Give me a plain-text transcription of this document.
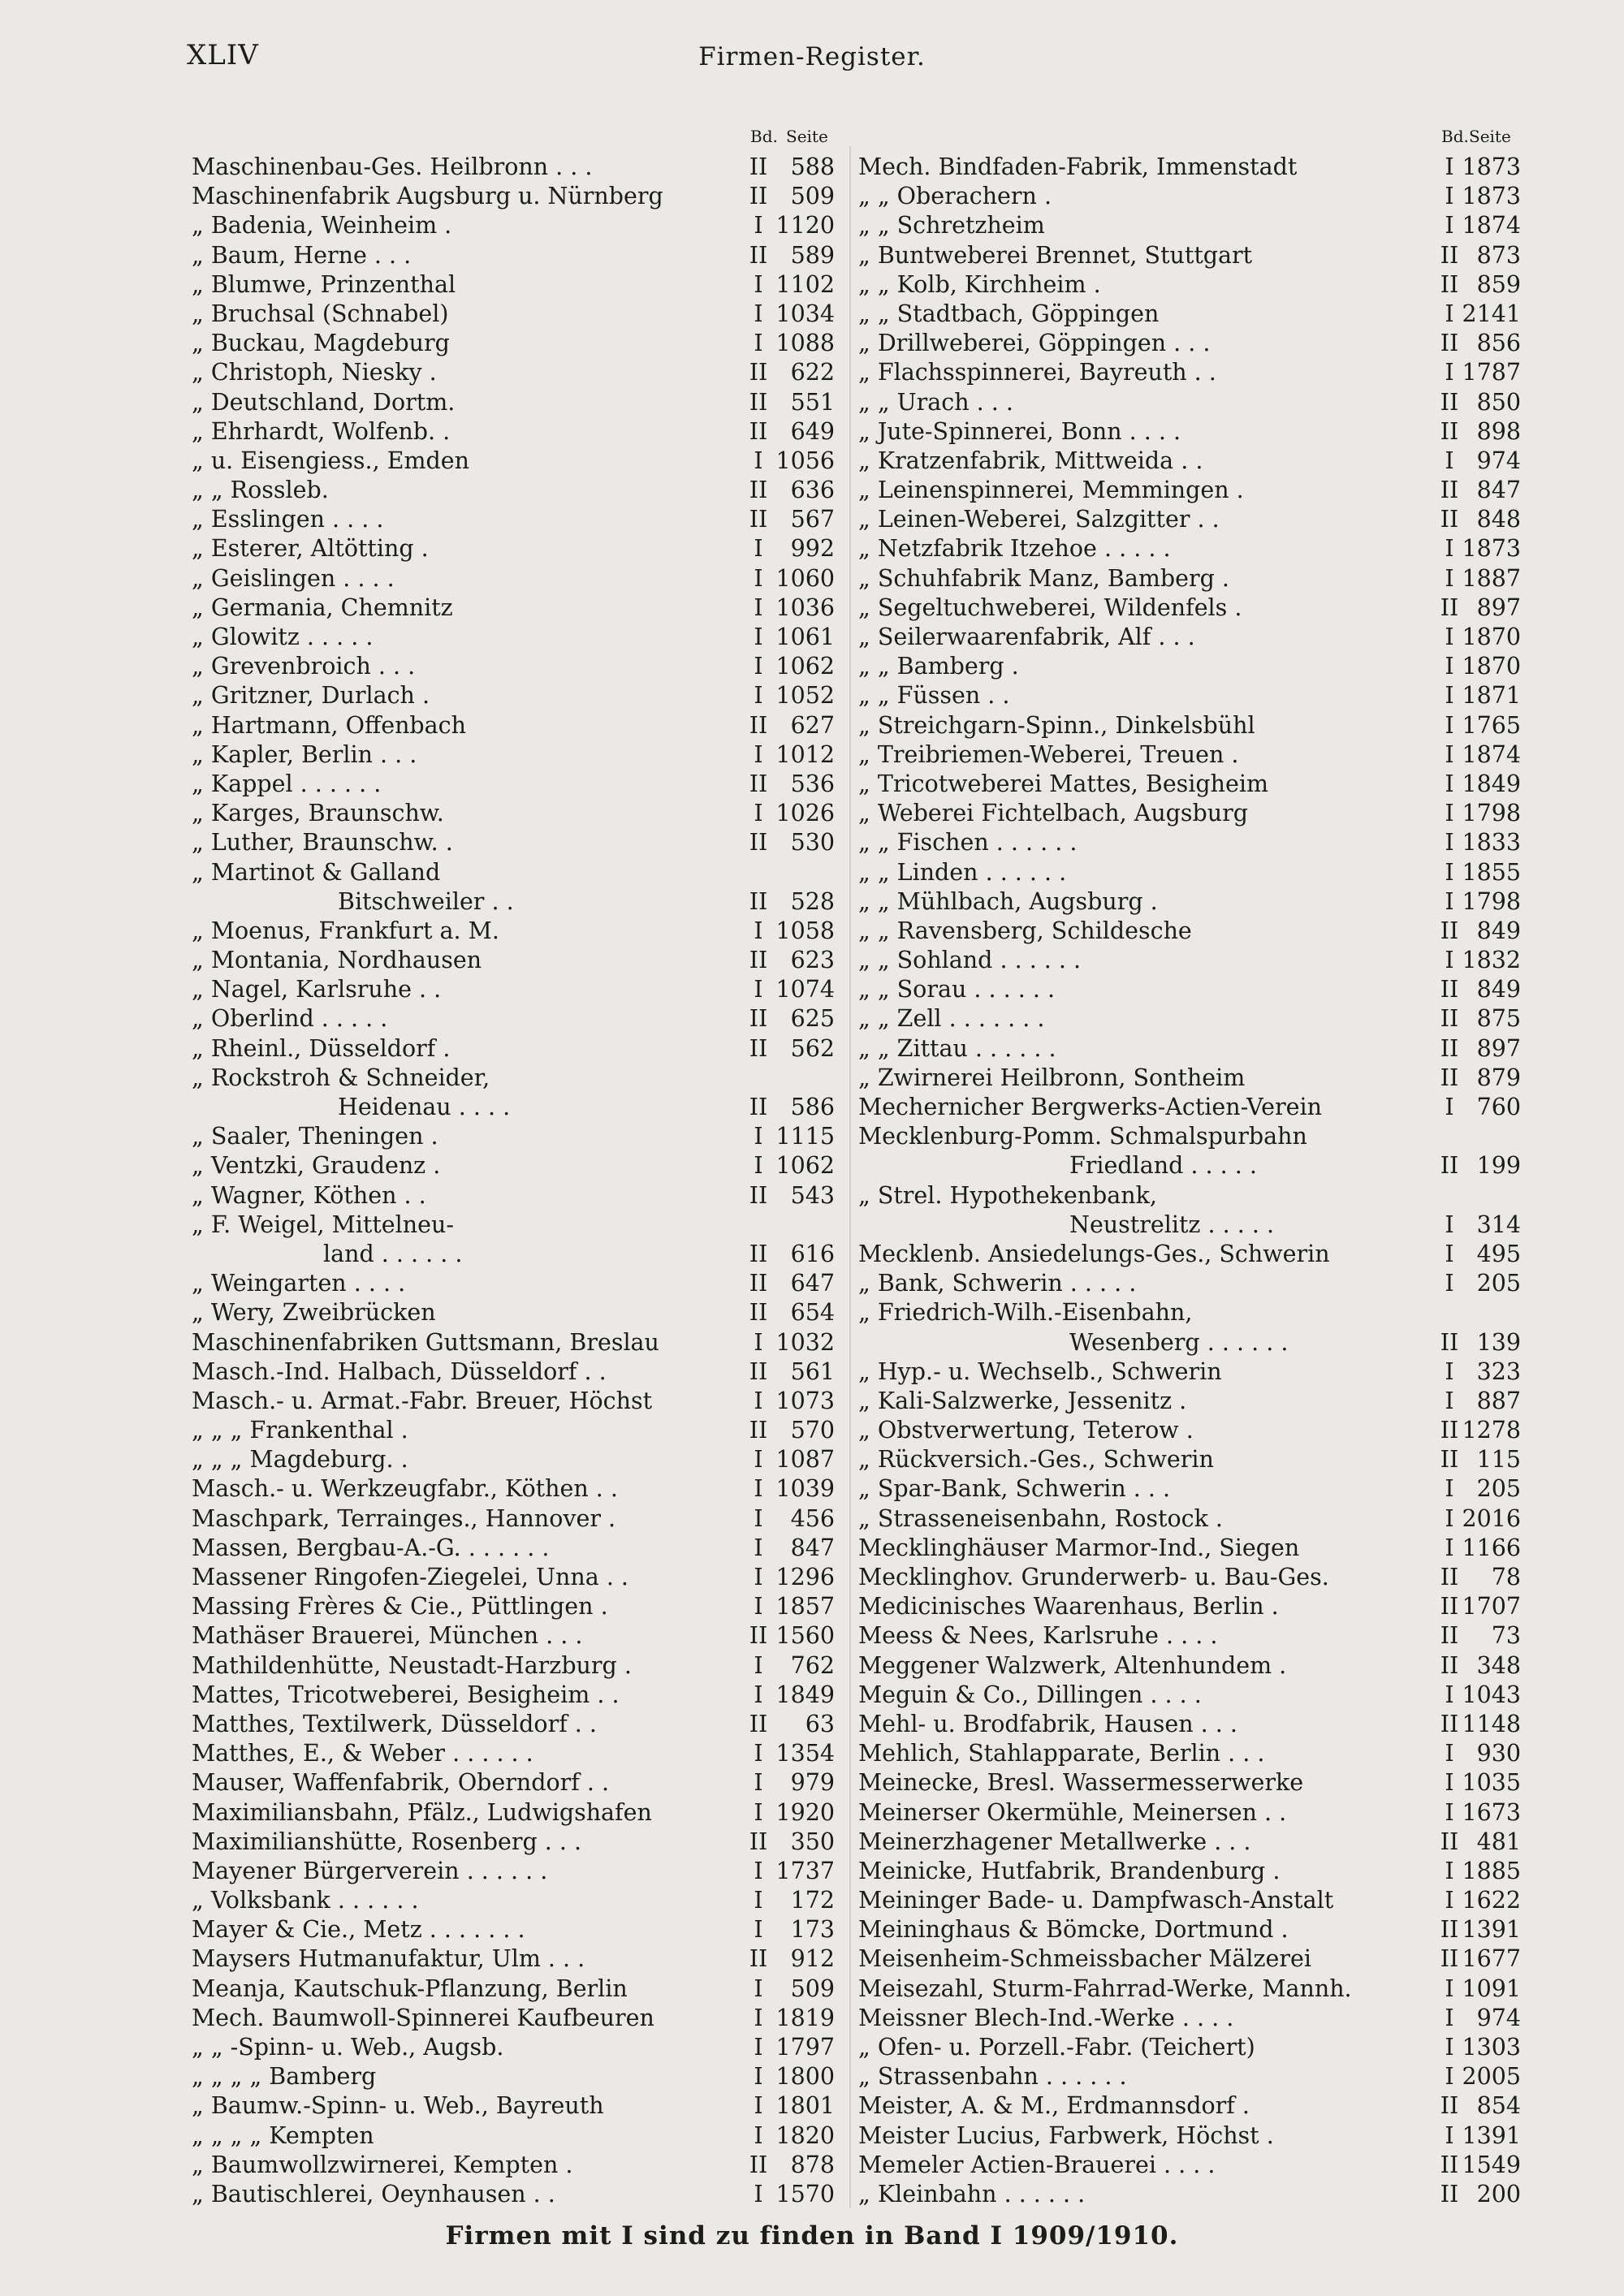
XLIV	Firmen-Register.
Bd. Seite
Maschinenbau-Ges. Heilbronn . . .	II 588
Maschinenfabrik Augsburg u. Nürnberg	II 509
„ Badenia, Weinheim .	I 1120
„ Baum, Herne . . .	II 589
„ Blumwe, Prinzenthal	I 1102
„ Bruchsal (Schnabel)	I 1034
„ Buckau, Magdeburg	I 1088
„ Christoph, Niesky .	II 622
„ Deutschland, Dortm.	II 551
„ Ehrhardt, Wolfenb. .	II 649
„ u. Eisengiess., Emden	I 1056
„ „ Rossleb.	II 636
„ Esslingen . . . .	II 567
„ Esterer, Altötting .	I	992
„ Geislingen . . . .	I 1060
„ Germania, Chemnitz	I 1036
„ Glowitz . . . . .	I 1061
„ Grevenbroich . . .	I 1062
„ Gritzner, Durlach .	I 1052
„ Hartmann, Offenbach	II 627
„ Kapler, Berlin . . .	I 1012
„ Kappel . . . . . .	II 536
„ Karges, Braunschw.	I 1026
„ Luther, Braunschw. .	II 530
„ Martinot & Galland
Bitschweiler . .	II 528
„ Moenus, Frankfurt a. M.	I 1058
„ Montania, Nordhausen	II 623
„ Nagel, Karlsruhe . .	I 1074
„ Oberlind . . . . .	II 625
„ Rheinl., Düsseldorf .	II 562
„ Rockstroh & Schneider,
Heidenau . . . .	II 586
„ Saaler, Theningen .	I 1115
„ Ventzki, Graudenz .	I 1062
„ Wagner, Köthen . .	II 543
„ F. Weigel, Mittelneu-
land . . . . . .	II 616
„ Weingarten . . . .	II 647
„ Wery, Zweibrücken	II 654
Maschinenfabriken Guttsmann, Breslau	I 1032
Masch.-Ind. Halbach, Düsseldorf . .	II 561
Masch.- u. Armat.-Fabr. Breuer, Höchst	I 1073
„ „ „ Frankenthal .	II 570
„ „ „ Magdeburg. .	I 1087
Masch.- u. Werkzeugfabr., Köthen . .	I 1039
Maschpark, Terrainges., Hannover .	I	456
Massen, Bergbau-A.-G. . . . . . .	I	847
Massener Ringofen-Ziegelei, Unna . .	I 1296
Massing Frères & Cie., Püttlingen .	I 1857
Mathäser Brauerei, München . . .	II 1560
Mathildenhütte, Neustadt-Harzburg .	I	762
Mattes, Tricotweberei, Besigheim . .	I 1849
Matthes, Textilwerk, Düsseldorf . .	II	63
Matthes, E., & Weber . . . . . .	I 1354
Mauser, Waffenfabrik, Oberndorf . .	I	979
Maximiliansbahn, Pfälz., Ludwigshafen	I 1920
Maximilianshütte, Rosenberg . . .	II 350
Mayener Bürgerverein . . . . . .	I 1737
„ Volksbank . . . . . .	I	172
Mayer & Cie., Metz . . . . . . .	I	173
Maysers Hutmanufaktur, Ulm . . .	II 912
Meanja, Kautschuk-Pflanzung, Berlin	I	509
Mech. Baumwoll-Spinnerei Kaufbeuren	I 1819
„ „ -Spinn- u. Web., Augsb.	I 1797
„ „ „ „ Bamberg	I 1800
„ Baumw.-Spinn- u. Web., Bayreuth	I 1801
„ „ „ „ Kempten	I 1820
„ Baumwollzwirnerei, Kempten .	II 878
„ Bautischlerei, Oeynhausen . .	I 1570
Bd. Seite
Mech. Bindfaden-Fabrik, Immenstadt	I 1873
„ „ Oberachern .	I 1873
„ „ Schretzheim	I 1874
„ Buntweberei Brennet, Stuttgart	II 873
„ „ Kolb, Kirchheim .	II 859
„ „ Stadtbach, Göppingen	I 2141
„ Drillweberei, Göppingen . . .	II 856
„ Flachsspinnerei, Bayreuth . .	I 1787
„ „ Urach . . .	II 850
„ Jute-Spinnerei, Bonn . . . .	II 898
„ Kratzenfabrik, Mittweida . .	I 974
„ Leinenspinnerei, Memmingen .	II 847
„ Leinen-Weberei, Salzgitter . .	II 848
„ Netzfabrik Itzehoe . . . . .	I 1873
„ Schuhfabrik Manz, Bamberg .	I 1887
„ Segeltuchweberei, Wildenfels .	II 897
„ Seilerwaarenfabrik, Alf . . .	I 1870
„ „ Bamberg .	I 1870
„ „ Füssen . .	I 1871
„ Streichgarn-Spinn., Dinkelsbühl	I 1765
„ Treibriemen-Weberei, Treuen .	I 1874
„ Tricotweberei Mattes, Besigheim	I 1849
„ Weberei Fichtelbach, Augsburg	I 1798
„ „ Fischen . . . . . .	I 1833
„ „ Linden . . . . . .	I 1855
„ „ Mühlbach, Augsburg .	I 1798
„ „ Ravensberg, Schildesche	II 849
„ „ Sohland . . . . . .	I 1832
„ „ Sorau . . . . . .	II 849
„ „ Zell . . . . . . .	II 875
„ „ Zittau . . . . . .	II 897
„ Zwirnerei Heilbronn, Sontheim	II 879
Mechernicher Bergwerks-Actien-Verein	I 760
Mecklenburg-Pomm. Schmalspurbahn
Friedland . . . . .	II 199
„ Strel. Hypothekenbank,
Neustrelitz . . . . .	I 314
Mecklenb. Ansiedelungs-Ges., Schwerin	I 495
„ Bank, Schwerin . . . . .	I 205
„ Friedrich-Wilh.-Eisenbahn,
Wesenberg . . . . . .	II 139
„ Hyp.- u. Wechselb., Schwerin	I 323
„ Kali-Salzwerke, Jessenitz .	I 887
„ Obstverwertung, Teterow .	II 1278
„ Rückversich.-Ges., Schwerin	II 115
„ Spar-Bank, Schwerin . . .	I 205
„ Strasseneisenbahn, Rostock .	I 2016
Mecklinghäuser Marmor-Ind., Siegen	I 1166
Mecklinghov. Grunderwerb- u. Bau-Ges.	II	78
Medicinisches Waarenhaus, Berlin .	II 1707
Meess & Nees, Karlsruhe . . . .	II	73
Meggener Walzwerk, Altenhundem .	II 348
Meguin & Co., Dillingen . . . .	I 1043
Mehl- u. Brodfabrik, Hausen . . .	II 1148
Mehlich, Stahlapparate, Berlin . . .	I 930
Meinecke, Bresl. Wassermesserwerke	I 1035
Meinerser Okermühle, Meinersen . .	I 1673
Meinerzhagener Metallwerke . . .	II 481
Meinicke, Hutfabrik, Brandenburg .	I 1885
Meininger Bade- u. Dampfwasch-Anstalt	I 1622
Meininghaus & Bömcke, Dortmund .	II 1391
Meisenheim-Schmeissbacher Mälzerei	II 1677
Meisezahl, Sturm-Fahrrad-Werke, Mannh.	I 1091
Meissner Blech-Ind.-Werke . . . .	I 974
„ Ofen- u. Porzell.-Fabr. (Teichert)	I 1303
„ Strassenbahn . . . . . .	I 2005
Meister, A. & M., Erdmannsdorf .	II 854
Meister Lucius, Farbwerk, Höchst .	I 1391
Memeler Actien-Brauerei . . . .	II 1549
„ Kleinbahn . . . . . .	II 200
Firmen mit I sind zu finden in Band I 1909/1910.
